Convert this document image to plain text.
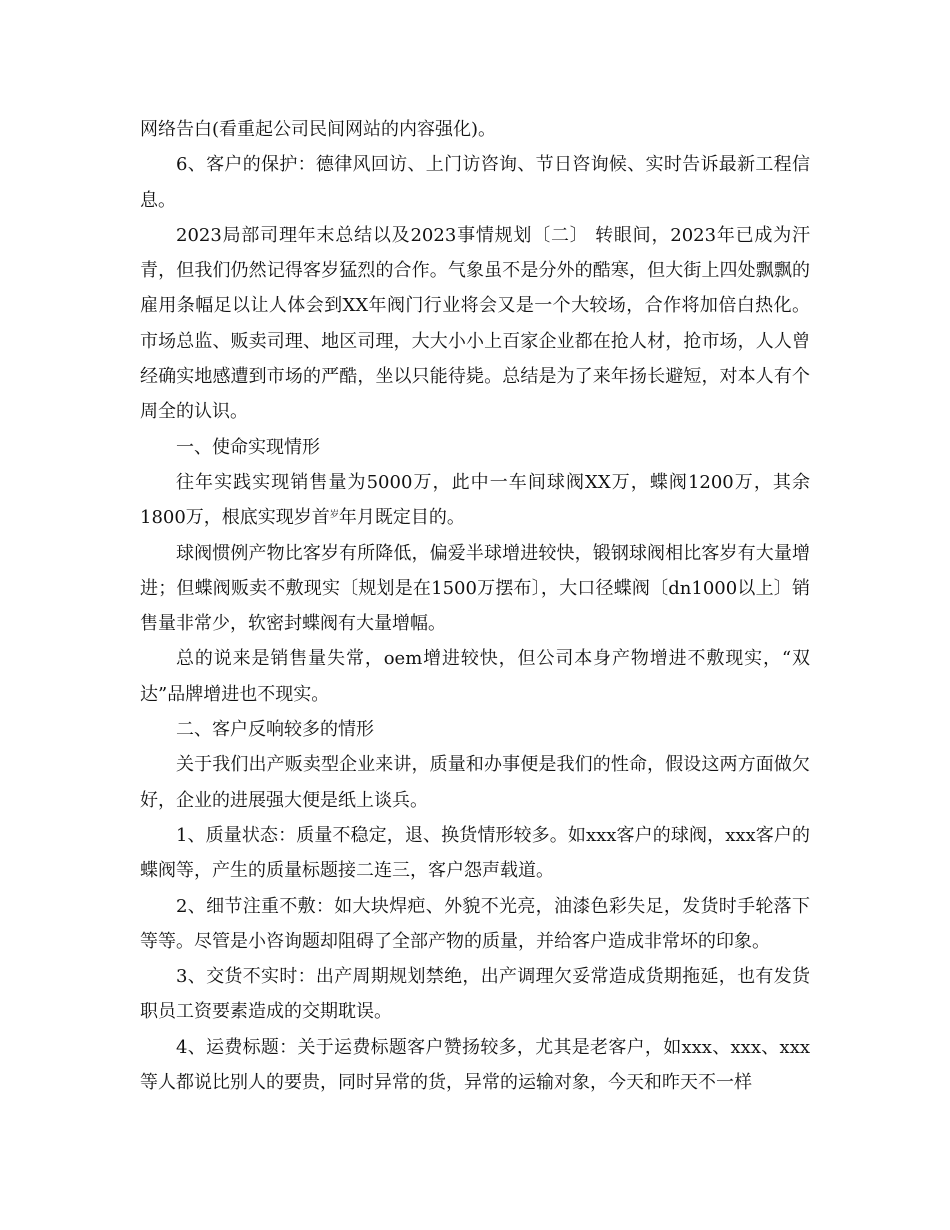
网络告白(看重起公司民间网站的内容强化)。

6、客户的保护：德律风回访、上门访咨询、节日咨询候、实时告诉最新工程信息。

2023局部司理年末总结以及2023事情规划〔二〕 转眼间，2023年已成为汗青，但我们仍然记得客岁猛烈的合作。气象虽不是分外的酷寒，但大街上四处飘飘的雇用条幅足以让人体会到XX年阀门行业将会又是一个大较场，合作将加倍白热化。市场总监、贩卖司理、地区司理，大大小小上百家企业都在抢人材，抢市场，人人曾经确实地感遭到市场的严酷，坐以只能待毙。总结是为了来年扬长避短，对本人有个周全的认识。

一、使命实现情形

往年实践实现销售量为5000万，此中一车间球阀XX万，蝶阀1200万，其余1800万，根底实现岁首$^岁$年月既定目的。

球阀惯例产物比客岁有所降低，偏爱半球增进较快，锻钢球阀相比客岁有大量增进；但蝶阀贩卖不敷现实〔规划是在1500万摆布〕，大口径蝶阀〔dn1000以上〕销售量非常少，软密封蝶阀有大量增幅。

总的说来是销售量失常，oem增进较快，但公司本身产物增进不敷现实，“双达”品牌增进也不现实。

二、客户反响较多的情形

关于我们出产贩卖型企业来讲，质量和办事便是我们的性命，假设这两方面做欠好，企业的进展强大便是纸上谈兵。

1、质量状态：质量不稳定，退、换货情形较多。如xxx客户的球阀，xxx客户的蝶阀等，产生的质量标题接二连三，客户怨声载道。

2、细节注重不敷：如大块焊疤、外貌不光亮，油漆色彩失足，发货时手轮落下等等。尽管是小咨询题却阻碍了全部产物的质量，并给客户造成非常坏的印象。

3、交货不实时：出产周期规划禁绝，出产调理欠妥常造成货期拖延，也有发货职员工资要素造成的交期耽误。

4、运费标题：关于运费标题客户赞扬较多，尤其是老客户，如xxx、xxx、xxx等人都说比别人的要贵，同时异常的货，异常的运输对象，今天和昨天不一样
